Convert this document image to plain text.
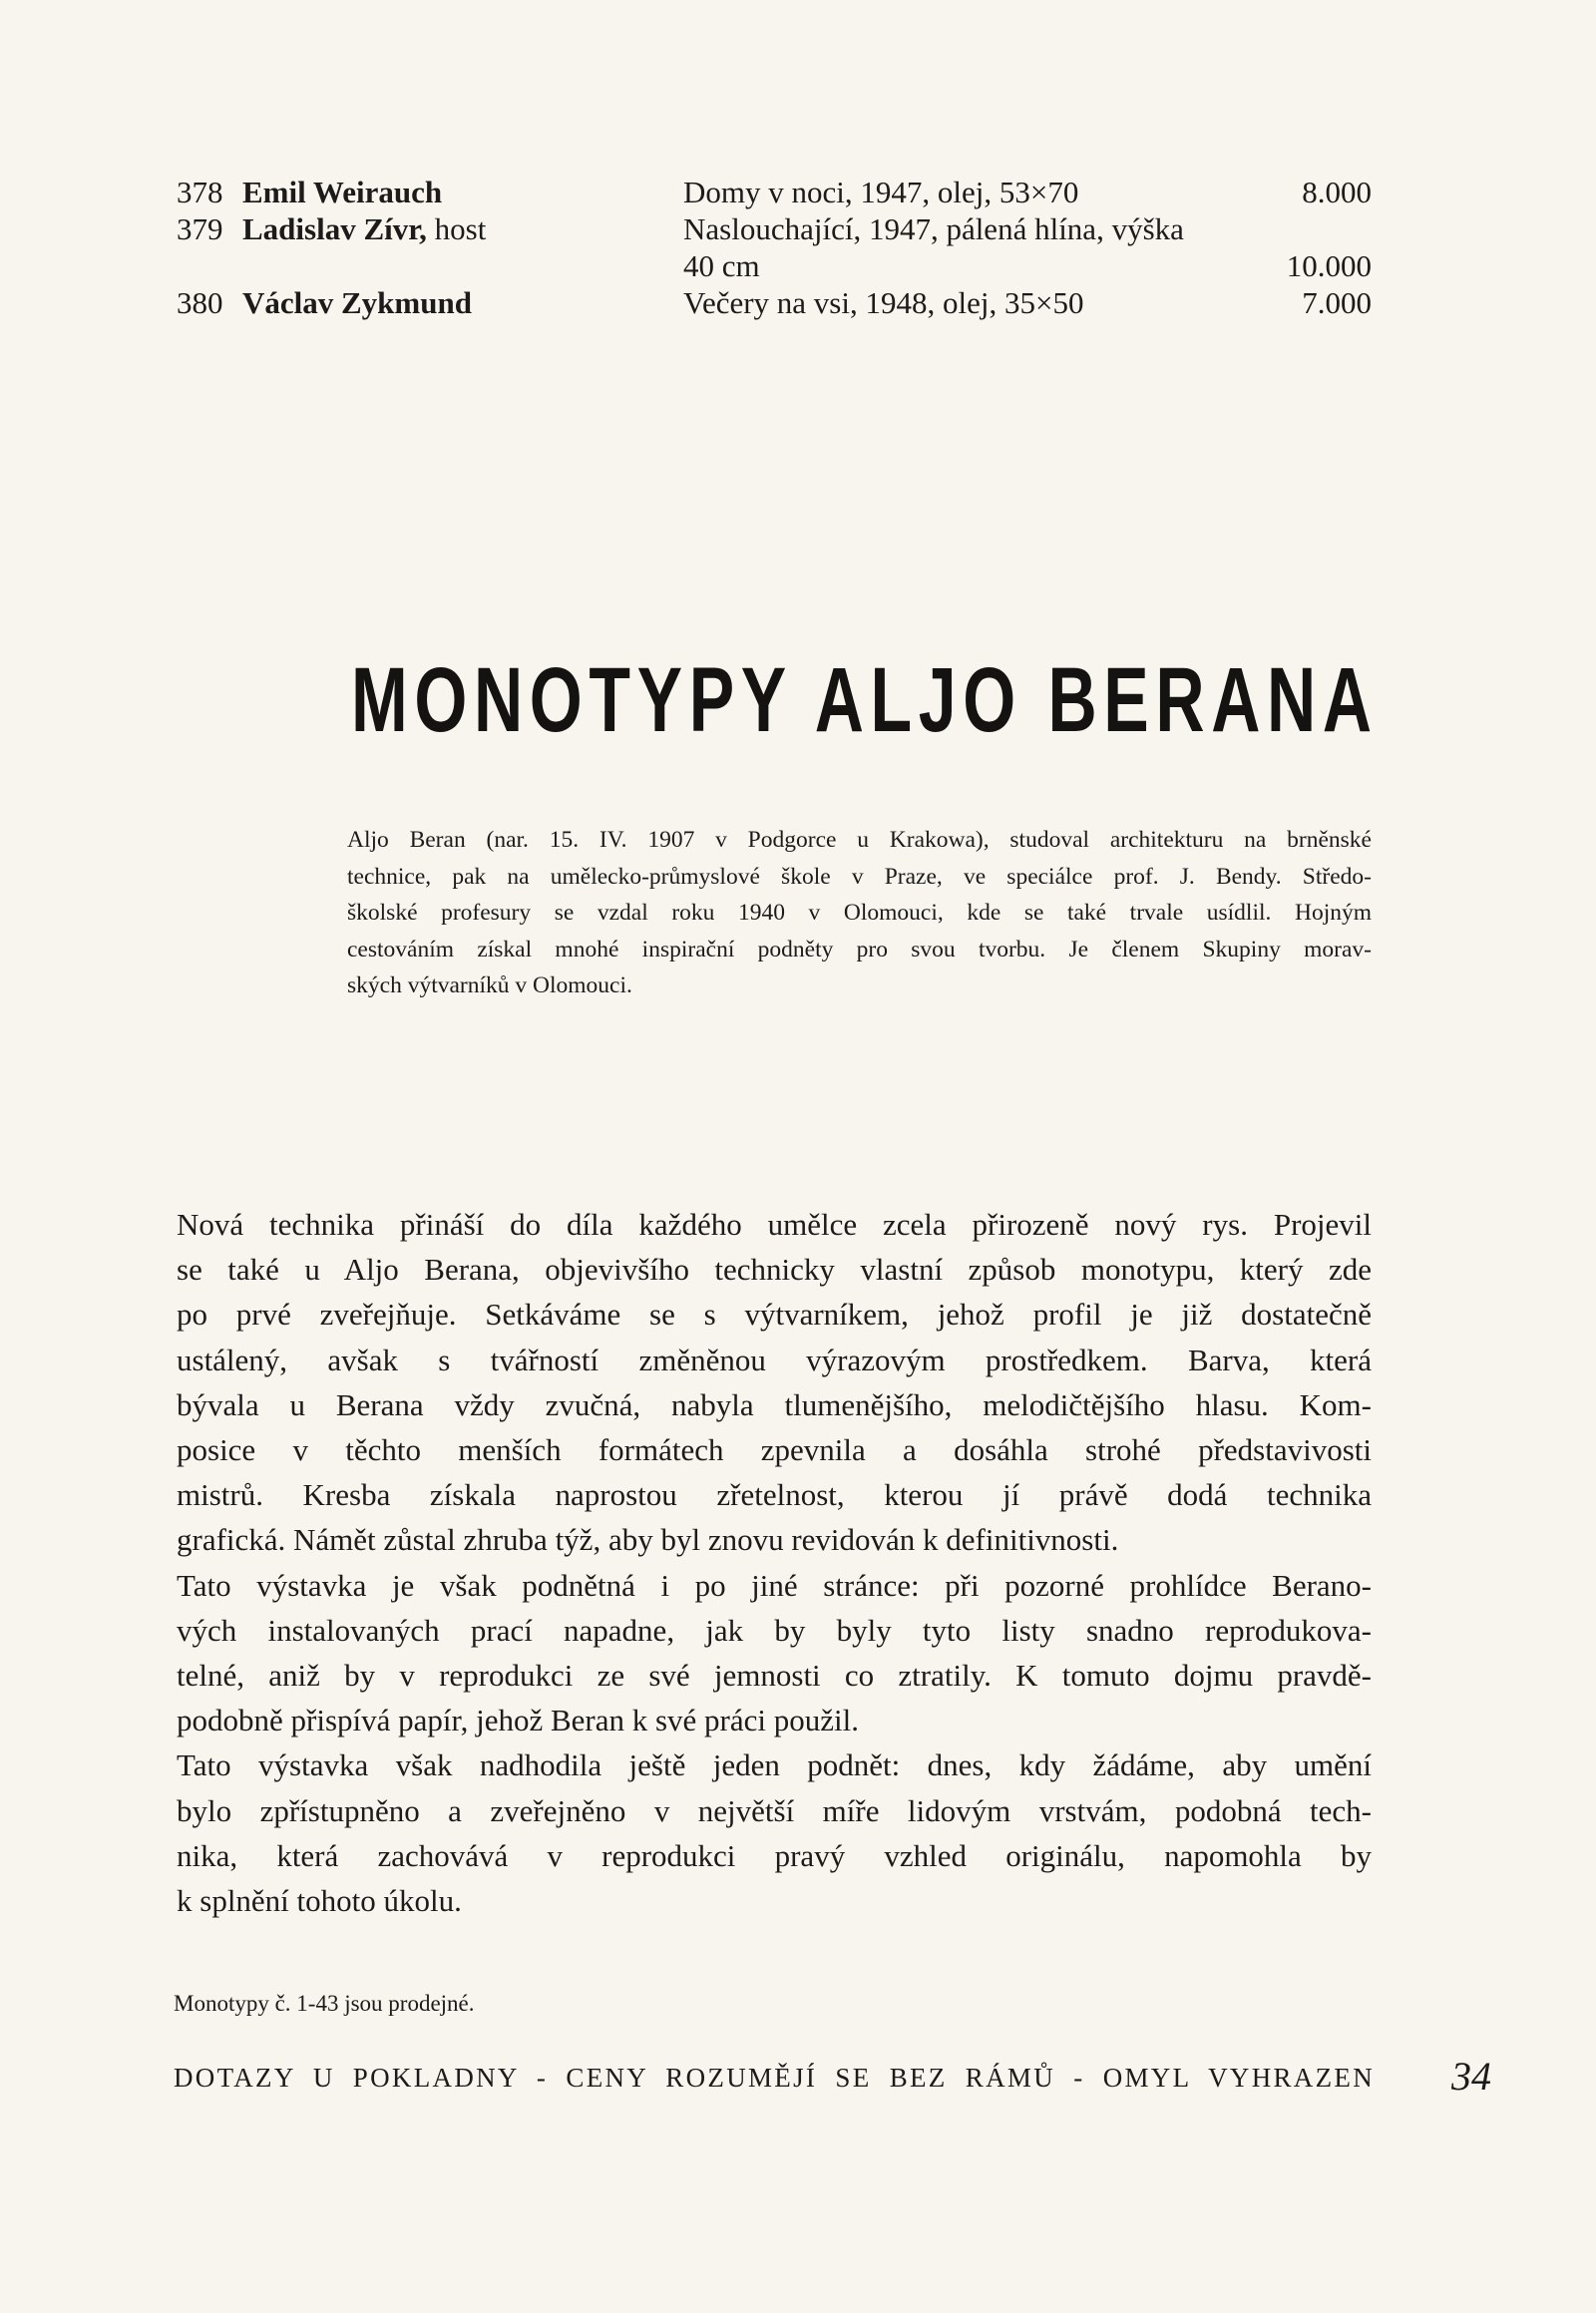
378 Emil Weirauch	Domy v noci, 1947, olej, 53×70	8.000
379 Ladislav Zívr, host	Naslouchající, 1947, pálená hlína, výška
40 cm	10.000
380 Václav Zykmund	Večery na vsi, 1948, olej, 35×50	7.000
MONOTYPY ALJO BERANA
Aljo Beran (nar. 15. IV. 1907 v Podgorce u Krakowa), studoval architekturu na brněnské
technice, pak na umělecko-průmyslové škole v Praze, ve speciálce prof. J. Bendy. Středo-
školské profesury se vzdal roku 1940 v Olomouci, kde se také trvale usídlil. Hojným
cestováním získal mnohé inspirační podněty pro svou tvorbu. Je členem Skupiny morav-
ských výtvarníků v Olomouci.
Nová technika přináší do díla každého umělce zcela přirozeně nový rys. Projevil
se také u Aljo Berana, objevivšího technicky vlastní způsob monotypu, který zde
po prvé zveřejňuje. Setkáváme se s výtvarníkem, jehož profil je již dostatečně
ustálený, avšak s tvářností změněnou výrazovým prostředkem. Barva, která
bývala u Berana vždy zvučná, nabyla tlumenějšího, melodičtějšího hlasu. Kom-
posice v těchto menších formátech zpevnila a dosáhla strohé představivosti
mistrů. Kresba získala naprostou zřetelnost, kterou jí právě dodá technika
grafická. Námět zůstal zhruba týž, aby byl znovu revidován k definitivnosti.
Tato výstavka je však podnětná i po jiné stránce: při pozorné prohlídce Berano-
vých instalovaných prací napadne, jak by byly tyto listy snadno reprodukova-
telné, aniž by v reprodukci ze své jemnosti co ztratily. K tomuto dojmu pravdě-
podobně přispívá papír, jehož Beran k své práci použil.
Tato výstavka však nadhodila ještě jeden podnět: dnes, kdy žádáme, aby umění
bylo zpřístupněno a zveřejněno v největší míře lidovým vrstvám, podobná tech-
nika, která zachovává v reprodukci pravý vzhled originálu, napomohla by
k splnění tohoto úkolu.
Monotypy č. 1-43 jsou prodejné.
DOTAZY U POKLADNY - CENY ROZUMĚJÍ SE BEZ RÁMŮ - OMYL VYHRAZEN 34
